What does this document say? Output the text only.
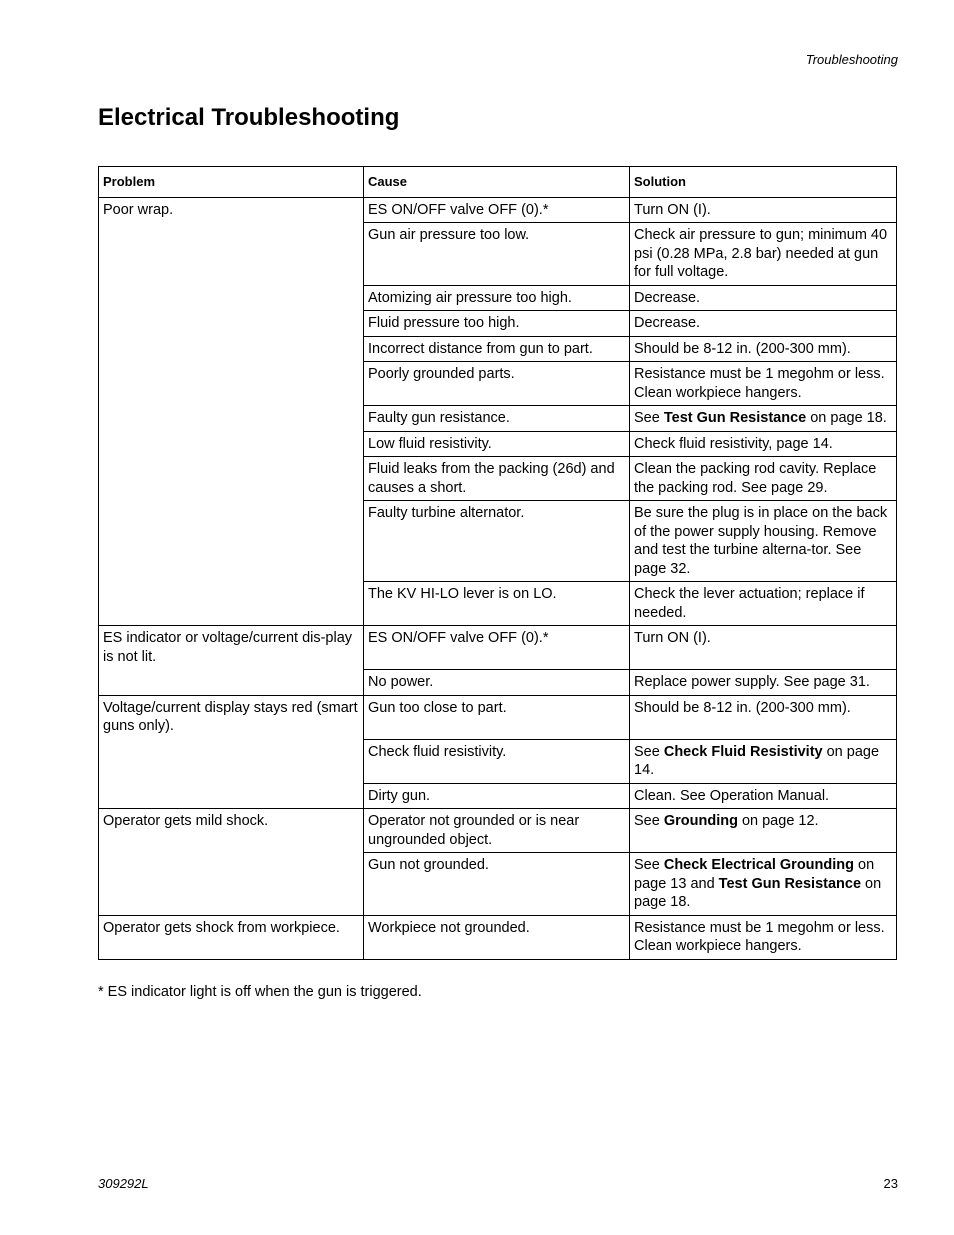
Troubleshooting
Electrical Troubleshooting
Problem	Cause	Solution
Poor wrap.	ES ON/OFF valve OFF (0).*	Turn ON (I).
	Gun air pressure too low.	Check air pressure to gun; minimum 40 psi (0.28 MPa, 2.8 bar) needed at gun for full voltage.
	Atomizing air pressure too high.	Decrease.
	Fluid pressure too high.	Decrease.
	Incorrect distance from gun to part.	Should be 8-12 in. (200-300 mm).
	Poorly grounded parts.	Resistance must be 1 megohm or less. Clean workpiece hangers.
	Faulty gun resistance.	See Test Gun Resistance on page 18.
	Low fluid resistivity.	Check fluid resistivity, page 14.
	Fluid leaks from the packing (26d) and causes a short.	Clean the packing rod cavity. Replace the packing rod. See page 29.
	Faulty turbine alternator.	Be sure the plug is in place on the back of the power supply housing. Remove and test the turbine alterna-tor. See page 32.
	The KV HI-LO lever is on LO.	Check the lever actuation; replace if needed.
ES indicator or voltage/current dis-play is not lit.	ES ON/OFF valve OFF (0).*	Turn ON (I).
	No power.	Replace power supply. See page 31.
Voltage/current display stays red (smart guns only).	Gun too close to part.	Should be 8-12 in. (200-300 mm).
	Check fluid resistivity.	See Check Fluid Resistivity on page 14.
	Dirty gun.	Clean. See Operation Manual.
Operator gets mild shock.	Operator not grounded or is near ungrounded object.	See Grounding on page 12.
	Gun not grounded.	See Check Electrical Grounding on page 13 and Test Gun Resistance on page 18.
Operator gets shock from workpiece.	Workpiece not grounded.	Resistance must be 1 megohm or less. Clean workpiece hangers.
* ES indicator light is off when the gun is triggered.
309292L	23
